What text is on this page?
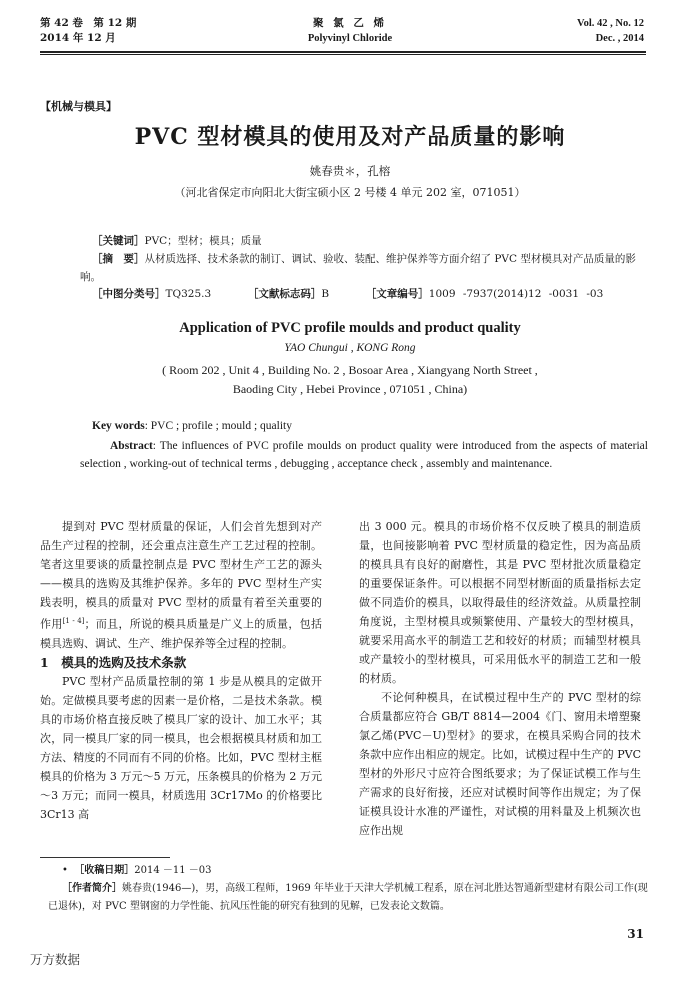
第 42 卷　第 12 期
2014 年 12 月
聚 氯 乙 烯
Polyvinyl Chloride
Vol. 42 , No. 12
Dec. , 2014
【机械与模具】
PVC 型材模具的使用及对产品质量的影响
姚春贵＊，孔榕
（河北省保定市向阳北大街宝硕小区 2 号楼 4 单元 202 室，071051）
［关键词］PVC；型材；模具；质量
［摘　要］从材质选择、技术条款的制订、调试、验收、装配、维护保养等方面介绍了 PVC 型材模具对产品质量的影响。
［中图分类号］TQ325.3	［文献标志码］B	［文章编号］1009 -7937(2014)12 -0031 -03
Application of PVC profile moulds and product quality
YAO Chungui , KONG Rong
( Room 202 , Unit 4 , Building No. 2 , Bosoar Area , Xiangyang North Street ,
Baoding City , Hebei Province , 071051 , China)
Key words: PVC ; profile ; mould ; quality
Abstract: The influences of PVC profile moulds on product quality were introduced from the aspects of material selection , working-out of technical terms , debugging , acceptance check , assembly and maintenance.

提到对 PVC 型材质量的保证，人们会首先想到对产品生产过程的控制，还会重点注意生产工艺过程的控制。笔者这里要谈的质量控制点是 PVC 型材生产工艺的源头——模具的选购及其维护保养。多年的 PVC 型材生产实践表明，模具的质量对 PVC 型材的质量有着至关重要的作用[1 - 4]；而且，所说的模具质量是广义上的质量，包括模具选购、调试、生产、维护保养等全过程的控制。

1　模具的选购及技术条款

PVC 型材产品质量控制的第 1 步是从模具的定做开始。定做模具要考虑的因素一是价格，二是技术条款。模具的市场价格直接反映了模具厂家的设计、加工水平；其次，同一模具厂家的同一模具，也会根据模具材质和加工方法、精度的不同而有不同的价格。比如，PVC 型材主框模具的价格为 3 万元～5 万元，压条模具的价格为 2 万元～3 万元；而同一模具，材质选用 3Cr17Mo 的价格要比 3Cr13 高

出 3 000 元。模具的市场价格不仅反映了模具的制造质量，也间接影响着 PVC 型材质量的稳定性，因为高品质的模具具有良好的耐磨性，其是 PVC 型材批次质量稳定的重要保证条件。可以根据不同型材断面的质量指标去定做不同造价的模具，以取得最佳的经济效益。从质量控制角度说，主型材模具或频繁使用、产量较大的型材模具，就要采用高水平的制造工艺和较好的材质；而辅型材模具或产量较小的型材模具，可采用低水平的制造工艺和一般的材质。

不论何种模具，在试模过程中生产的 PVC 型材的综合质量都应符合 GB/T 8814—2004《门、窗用未增塑聚氯乙烯(PVC－U)型材》的要求，在模具采购合同的技术条款中应作出相应的规定。比如，试模过程中生产的 PVC 型材的外形尺寸应符合图纸要求；为了保证试模工作与生产需求的良好衔接，还应对试模时间等作出规定；为了保证模具设计水准的严谨性，对试模的用料量及上机频次也应作出规

•  ［收稿日期］2014 －11 －03

［作者简介］姚春贵(1946—)，男，高级工程师，1969 年毕业于天津大学机械工程系，原在河北胜达智通新型建材有限公司工作(现已退休)，对 PVC 塑钢窗的力学性能、抗风压性能的研究有独到的见解，已发表论文数篇。

31
万方数据
